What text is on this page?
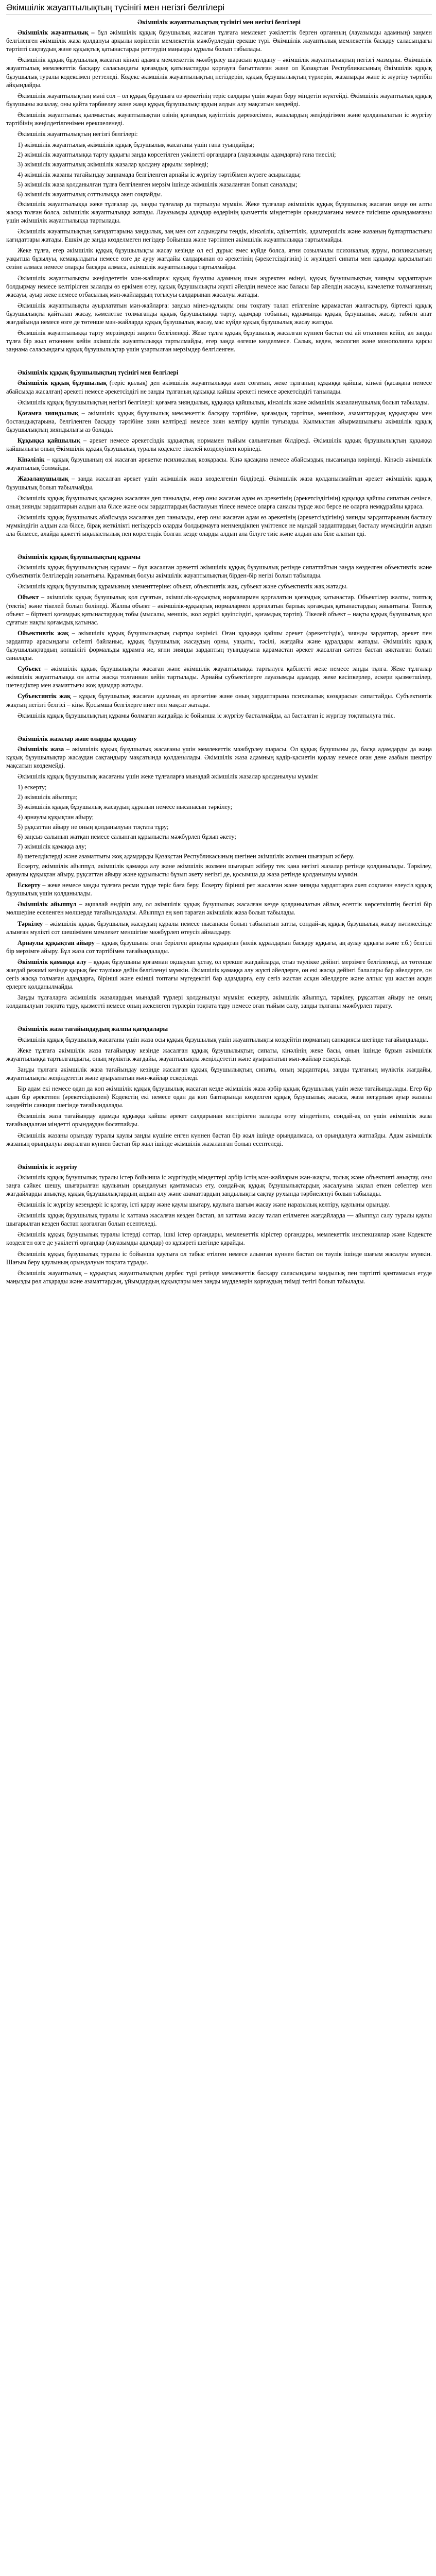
Әкімшілік жауаптылықтың түсінігі мен негізгі белгілері
Әкімшілік жауаптылықтың түсінігі мен негізгі белгілері

Әкімшілік жауаптылық – бұл әкімшілік құқық бұзушылық жасаған тұлғаға мемлекет уәкілеттік берген органның (лауазымды адамның) заңмен белгіленген әкімшілік жаза қолдануы арқылы көрінетін мемлекеттік мәжбүрлеудің ерекше түрі. Әкімшілік жауаптылық мемлекеттік басқару саласындағы тәртіпті сақтаудың және құқықтық қатынастарды реттеудің маңызды құралы болып табылады.

Әкімшілік құқық бұзушылық жасаған кінәлі адамға мемлекеттік мәжбүрлеу шарасын қолдану – әкімшілік жауаптылықтың негізгі мазмұны. Әкімшілік жауаптылық мемлекеттік басқару саласындағы қоғамдық қатынастарды қорғауға бағытталған және ол Қазақстан Республикасының Әкімшілік құқық бұзушылық туралы кодексімен реттеледі. Кодекс әкімшілік жауаптылықтың негіздерін, құқық бұзушылықтың түрлерін, жазаларды және іс жүргізу тәртібін айқындайды.

Әкімшілік жауаптылықтың мәні сол – ол құқық бұзушыға өз әрекетінің теріс салдары үшін жауап беру міндетін жүктейді. Әкімшілік жауаптылық құқық бұзушыны жазалау, оны қайта тәрбиелеу және жаңа құқық бұзушылықтардың алдын алу мақсатын көздейді.

Әкімшілік жауаптылық қылмыстық жауаптылықтан өзінің қоғамдық қауіптілік дәрежесімен, жазалардың жеңілдігімен және қолданылатын іс жүргізу тәртібінің жеңілдетілгенімен ерекшеленеді.

Әкімшілік жауаптылықтың негізгі белгілері:

1) әкімшілік жауаптылық әкімшілік құқық бұзушылық жасағаны үшін ғана туындайды;

2) әкімшілік жауаптылыққа тарту құқығы заңда көрсетілген уәкілетті органдарға (лауазымды адамдарға) ғана тиесілі;

3) әкімшілік жауаптылық әкімшілік жазалар қолдану арқылы көрінеді;

4) әкімшілік жазаны тағайындау заңнамада белгіленген арнайы іс жүргізу тәртібімен жүзеге асырылады;

5) әкімшілік жаза қолданылған тұлға белгіленген мерзім ішінде әкімшілік жазаланған болып саналады;

6) әкімшілік жауаптылық соттылыққа әкеп соқпайды.

Әкімшілік жауаптылыққа жеке тұлғалар да, заңды тұлғалар да тартылуы мүмкін. Жеке тұлғалар әкімшілік құқық бұзушылық жасаған кезде он алты жасқа толған болса, әкімшілік жауаптылыққа жатады. Лауазымды адамдар өздерінің қызметтік міндеттерін орындамағаны немесе тиісінше орындамағаны үшін әкімшілік жауаптылыққа тартылады.

Әкімшілік жауаптылықтың қағидаттарына заңдылық, заң мен сот алдындағы теңдік, кінәлілік, әділеттілік, адамгершілік және жазаның бұлтартпастығы қағидаттары жатады. Ешкім де заңда көзделмеген негіздер бойынша және тәртіппен әкімшілік жауаптылыққа тартылмайды.

Жеке тұлға, егер әкімшілік құқық бұзушылықты жасау кезінде ол есі дұрыс емес күйде болса, яғни созылмалы психикалық ауруы, психикасының уақытша бұзылуы, кемақылдығы немесе өзге де ауру жағдайы салдарынан өз әрекетінің (әрекетсіздігінің) іс жүзіндегі сипаты мен құқыққа қарсылығын сезіне алмаса немесе оларды басқара алмаса, әкімшілік жауаптылыққа тартылмайды.

Әкімшілік жауаптылықты жеңілдететін мән-жайларға: құқық бұзушы адамның шын жүректен өкінуі, құқық бұзушылықтың зиянды зардаптарын болдырмау немесе келтірілген залалды өз еркімен өтеу, құқық бұзушылықты жүкті әйелдің немесе жас баласы бар әйелдің жасауы, кәмелетке толмағанның жасауы, ауыр жеке немесе отбасылық мән-жайлардың тоғысуы салдарынан жасалуы жатады.

Әкімшілік жауаптылықты ауырлататын мән-жайларға: заңсыз мінез-құлықты оны тоқтату талап етілгеніне қарамастан жалғастыру, біртекті құқық бұзушылықты қайталап жасау, кәмелетке толмағанды құқық бұзушылыққа тарту, адамдар тобының құрамында құқық бұзушылық жасау, табиғи апат жағдайында немесе өзге де төтенше мән-жайларда құқық бұзушылық жасау, мас күйде құқық бұзушылық жасау жатады.

Әкімшілік жауаптылыққа тарту мерзімдері заңмен белгіленеді. Жеке тұлға құқық бұзушылық жасалған күннен бастап екі ай өткеннен кейін, ал заңды тұлға бір жыл өткеннен кейін әкімшілік жауаптылыққа тартылмайды, егер заңда өзгеше көзделмесе. Салық, кеден, экология және монополияға қарсы заңнама саласындағы құқық бұзушылықтар үшін ұзартылған мерзімдер белгіленген.

Әкімшілік құқық бұзушылықтың түсінігі мен белгілері

Әкімшілік құқық бұзушылық (теріс қылық) деп әкімшілік жауаптылыққа әкеп соғатын, жеке тұлғаның құқыққа қайшы, кінәлі (қасақана немесе абайсызда жасалған) әрекеті немесе әрекетсіздігі не заңды тұлғаның құқыққа қайшы әрекеті немесе әрекетсіздігі танылады.

Әкімшілік құқық бұзушылықтың негізгі белгілері: қоғамға зияндылық, құқыққа қайшылық, кінәлілік және әкімшілік жазаланушылық болып табылады.

Қоғамға зияндылық – әкімшілік құқық бұзушылық мемлекеттік басқару тәртібіне, қоғамдық тәртіпке, меншікке, азаматтардың құқықтары мен бостандықтарына, белгіленген басқару тәртібіне зиян келтіреді немесе зиян келтіру қаупін туғызады. Қылмыстан айырмашылығы әкімшілік құқық бұзушылықтың зияндылығы аз болады.

Құқыққа қайшылық – әрекет немесе әрекетсіздік құқықтық нормамен тыйым салынғанын білдіреді. Әкімшілік құқық бұзушылықтың құқыққа қайшылығы оның Әкімшілік құқық бұзушылық туралы кодексте тікелей көзделуінен көрінеді.

Кінәлілік – құқық бұзушының өзі жасаған әрекетке психикалық көзқарасы. Кінә қасақана немесе абайсыздық нысанында көрінеді. Кінәсіз әкімшілік жауаптылық болмайды.

Жазаланушылық – заңда жасалған әрекет үшін әкімшілік жаза көзделгенін білдіреді. Әкімшілік жаза қолданылмайтын әрекет әкімшілік құқық бұзушылық болып табылмайды.

Әкімшілік құқық бұзушылық қасақана жасалған деп танылады, егер оны жасаған адам өз әрекетінің (әрекетсіздігінің) құқыққа қайшы сипатын сезінсе, оның зиянды зардаптарын алдын ала білсе және осы зардаптардың басталуын тілесе немесе оларға саналы түрде жол берсе не оларға немқұрайлы қараса.

Әкімшілік құқық бұзушылық абайсызда жасалған деп танылады, егер оны жасаған адам өз әрекетінің (әрекетсіздігінің) зиянды зардаптарының басталу мүмкіндігін алдын ала білсе, бірақ жеткілікті негіздерсіз оларды болдырмауға менмендікпен үміттенсе не мұндай зардаптардың басталу мүмкіндігін алдын ала білмесе, алайда қажетті ықыластылық пен көрегендік болған кезде оларды алдын ала білуге тиіс және алдын ала біле алатын еді.

Әкімшілік құқық бұзушылықтың құрамы

Әкімшілік құқық бұзушылықтың құрамы – бұл жасалған әрекетті әкімшілік құқық бұзушылық ретінде сипаттайтын заңда көзделген объективтік және субъективтік белгілердің жиынтығы. Құрамның болуы әкімшілік жауаптылықтың бірден-бір негізі болып табылады.

Әкімшілік құқық бұзушылық құрамының элементтеріне: объект, объективтік жақ, субъект және субъективтік жақ жатады.

Объект – әкімшілік құқық бұзушылық қол сұғатын, әкімшілік-құқықтық нормалармен қорғалатын қоғамдық қатынастар. Объектілер жалпы, топтық (тектік) және тікелей болып бөлінеді. Жалпы объект – әкімшілік-құқықтық нормалармен қорғалатын барлық қоғамдық қатынастардың жиынтығы. Топтық объект – біртекті қоғамдық қатынастардың тобы (мысалы, меншік, жол жүрісі қауіпсіздігі, қоғамдық тәртіп). Тікелей объект – нақты құқық бұзушылық қол сұғатын нақты қоғамдық қатынас.

Объективтік жақ – әкімшілік құқық бұзушылықтың сыртқы көрінісі. Оған құқыққа қайшы әрекет (әрекетсіздік), зиянды зардаптар, әрекет пен зардаптар арасындағы себепті байланыс, құқық бұзушылық жасаудың орны, уақыты, тәсілі, жағдайы және құралдары жатады. Әкімшілік құқық бұзушылықтардың көпшілігі формальды құрамға ие, яғни зиянды зардаптың туындауына қарамастан әрекет жасалған сәттен бастап аяқталған болып саналады.

Субъект – әкімшілік құқық бұзушылықты жасаған және әкімшілік жауаптылыққа тартылуға қабілетті жеке немесе заңды тұлға. Жеке тұлғалар әкімшілік жауаптылыққа он алты жасқа толғаннан кейін тартылады. Арнайы субъектілерге лауазымды адамдар, жеке кәсіпкерлер, әскери қызметшілер, шетелдіктер мен азаматтығы жоқ адамдар жатады.

Субъективтік жақ – құқық бұзушылық жасаған адамның өз әрекетіне және оның зардаптарына психикалық көзқарасын сипаттайды. Субъективтік жақтың негізгі белгісі – кінә. Қосымша белгілерге ниет пен мақсат жатады.

Әкімшілік құқық бұзушылықтың құрамы болмаған жағдайда іс бойынша іс жүргізу басталмайды, ал басталған іс жүргізу тоқтатылуға тиіс.

Әкімшілік жазалар және оларды қолдану

Әкімшілік жаза – әкімшілік құқық бұзушылық жасағаны үшін мемлекеттік мәжбүрлеу шарасы. Ол құқық бұзушыны да, басқа адамдарды да жаңа құқық бұзушылықтар жасаудан сақтандыру мақсатында қолданылады. Әкімшілік жаза адамның қадір-қасиетін қорлау немесе оған дене азабын шектіру мақсатын көздемейді.

Әкімшілік құқық бұзушылық жасағаны үшін жеке тұлғаларға мынадай әкімшілік жазалар қолданылуы мүмкін:

1) ескерту;

2) әкімшілік айыппұл;

3) әкімшілік құқық бұзушылық жасаудың құралын немесе нысанасын тәркілеу;

4) арнаулы құқықтан айыру;

5) рұқсаттан айыру не оның қолданылуын тоқтата тұру;

6) заңсыз салынып жатқан немесе салынған құрылысты мәжбүрлеп бұзып әкету;

7) әкімшілік қамаққа алу;

8) шетелдіктерді және азаматтығы жоқ адамдарды Қазақстан Республикасының шегінен әкімшілік жолмен шығарып жіберу.

Ескерту, әкімшілік айыппұл, әкімшілік қамаққа алу және әкімшілік жолмен шығарып жіберу тек қана негізгі жазалар ретінде қолданылады. Тәркілеу, арнаулы құқықтан айыру, рұқсаттан айыру және құрылысты бұзып әкету негізгі де, қосымша да жаза ретінде қолданылуы мүмкін.

Ескерту – жеке немесе заңды тұлғаға ресми түрде теріс баға беру. Ескерту бірінші рет жасалған және зиянды зардаптарға әкеп соқпаған елеусіз құқық бұзушылық үшін қолданылады.

Әкімшілік айыппұл – ақшалай өндіріп алу, ол әкімшілік құқық бұзушылық жасалған кезде қолданылатын айлық есептік көрсеткіштің белгілі бір мөлшеріне еселенген мөлшерде тағайындалады. Айыппұл ең көп тараған әкімшілік жаза болып табылады.

Тәркілеу – әкімшілік құқық бұзушылық жасаудың құралы немесе нысанасы болып табылатын затты, сондай-ақ құқық бұзушылық жасау нәтижесінде алынған мүлікті сот шешімімен мемлекет меншігіне мәжбүрлеп өтеусіз айналдыру.

Арнаулы құқықтан айыру – құқық бұзушыны оған берілген арнаулы құқықтан (көлік құралдарын басқару құқығы, аң аулау құқығы және т.б.) белгілі бір мерзімге айыру. Бұл жаза сот тәртібімен тағайындалады.

Әкімшілік қамаққа алу – құқық бұзушыны қоғамнан оқшаулап ұстау, ол ерекше жағдайларда, отыз тәулікке дейінгі мерзімге белгіленеді, ал төтенше жағдай режимі кезінде қырық бес тәулікке дейін белгіленуі мүмкін. Әкімшілік қамаққа алу жүкті әйелдерге, он екі жасқа дейінгі балалары бар әйелдерге, он сегіз жасқа толмаған адамдарға, бірінші және екінші топтағы мүгедектігі бар адамдарға, елу сегіз жастан асқан әйелдерге және алпыс үш жастан асқан ерлерге қолданылмайды.

Заңды тұлғаларға әкімшілік жазалардың мынадай түрлері қолданылуы мүмкін: ескерту, әкімшілік айыппұл, тәркілеу, рұқсаттан айыру не оның қолданылуын тоқтата тұру, қызметті немесе оның жекелеген түрлерін тоқтата тұру немесе оған тыйым салу, заңды тұлғаны мәжбүрлеп тарату.

Әкімшілік жаза тағайындаудың жалпы қағидалары

Әкімшілік құқық бұзушылық жасағаны үшін жаза осы құқық бұзушылық үшін жауаптылықты көздейтін норманың санкциясы шегінде тағайындалады.

Жеке тұлғаға әкімшілік жаза тағайындау кезінде жасалған құқық бұзушылықтың сипаты, кінәлінің жеке басы, оның ішінде бұрын әкімшілік жауаптылыққа тартылғандығы, оның мүліктік жағдайы, жауаптылықты жеңілдететін және ауырлататын мән-жайлар ескеріледі.

Заңды тұлғаға әкімшілік жаза тағайындау кезінде жасалған құқық бұзушылықтың сипаты, оның зардаптары, заңды тұлғаның мүліктік жағдайы, жауаптылықты жеңілдететін және ауырлататын мән-жайлар ескеріледі.

Бір адам екі немесе одан да көп әкімшілік құқық бұзушылық жасаған кезде әкімшілік жаза әрбір құқық бұзушылық үшін жеке тағайындалады. Егер бір адам бір әрекетпен (әрекетсіздікпен) Кодекстің екі немесе одан да көп баптарында көзделген құқық бұзушылық жасаса, жаза неғұрлым ауыр жазаны көздейтін санкция шегінде тағайындалады.

Әкімшілік жаза тағайындау адамды құқыққа қайшы әрекет салдарынан келтірілген залалды өтеу міндетінен, сондай-ақ ол үшін әкімшілік жаза тағайындалған міндетті орындаудан босатпайды.

Әкімшілік жазаны орындау туралы қаулы заңды күшіне енген күннен бастап бір жыл ішінде орындалмаса, ол орындалуға жатпайды. Адам әкімшілік жазаның орындалуы аяқталған күннен бастап бір жыл ішінде әкімшілік жазаланған болып есептеледі.

Әкімшілік іс жүргізу

Әкімшілік құқық бұзушылық туралы істер бойынша іс жүргізудің міндеттері әрбір істің мән-жайларын жан-жақты, толық және объективті анықтау, оны заңға сәйкес шешу, шығарылған қаулының орындалуын қамтамасыз ету, сондай-ақ құқық бұзушылықтардың жасалуына ықпал еткен себептер мен жағдайларды анықтау, құқық бұзушылықтардың алдын алу және азаматтардың заңдылықты сақтау рухында тәрбиеленуі болып табылады.

Әкімшілік іс жүргізу кезеңдері: іс қозғау, істі қарау және қаулы шығару, қаулыға шағым жасау және наразылық келтіру, қаулыны орындау.

Әкімшілік құқық бұзушылық туралы іс хаттама жасалған кезден бастап, ал хаттама жасау талап етілмеген жағдайларда — айыппұл салу туралы қаулы шығарылған кезден бастап қозғалған болып есептеледі.

Әкімшілік құқық бұзушылық туралы істерді соттар, ішкі істер органдары, мемлекеттік кірістер органдары, мемлекеттік инспекциялар және Кодексте көзделген өзге де уәкілетті органдар (лауазымды адамдар) өз құзыреті шегінде қарайды.

Әкімшілік құқық бұзушылық туралы іс бойынша қаулыға ол табыс етілген немесе алынған күннен бастап он тәулік ішінде шағым жасалуы мүмкін. Шағым беру қаулының орындалуын тоқтата тұрады.

Әкімшілік жауаптылық – құқықтық жауаптылықтың дербес түрі ретінде мемлекеттік басқару саласындағы заңдылық пен тәртіпті қамтамасыз етуде маңызды рөл атқарады және азаматтардың, ұйымдардың құқықтары мен заңды мүдделерін қорғаудың тиімді тетігі болып табылады.
